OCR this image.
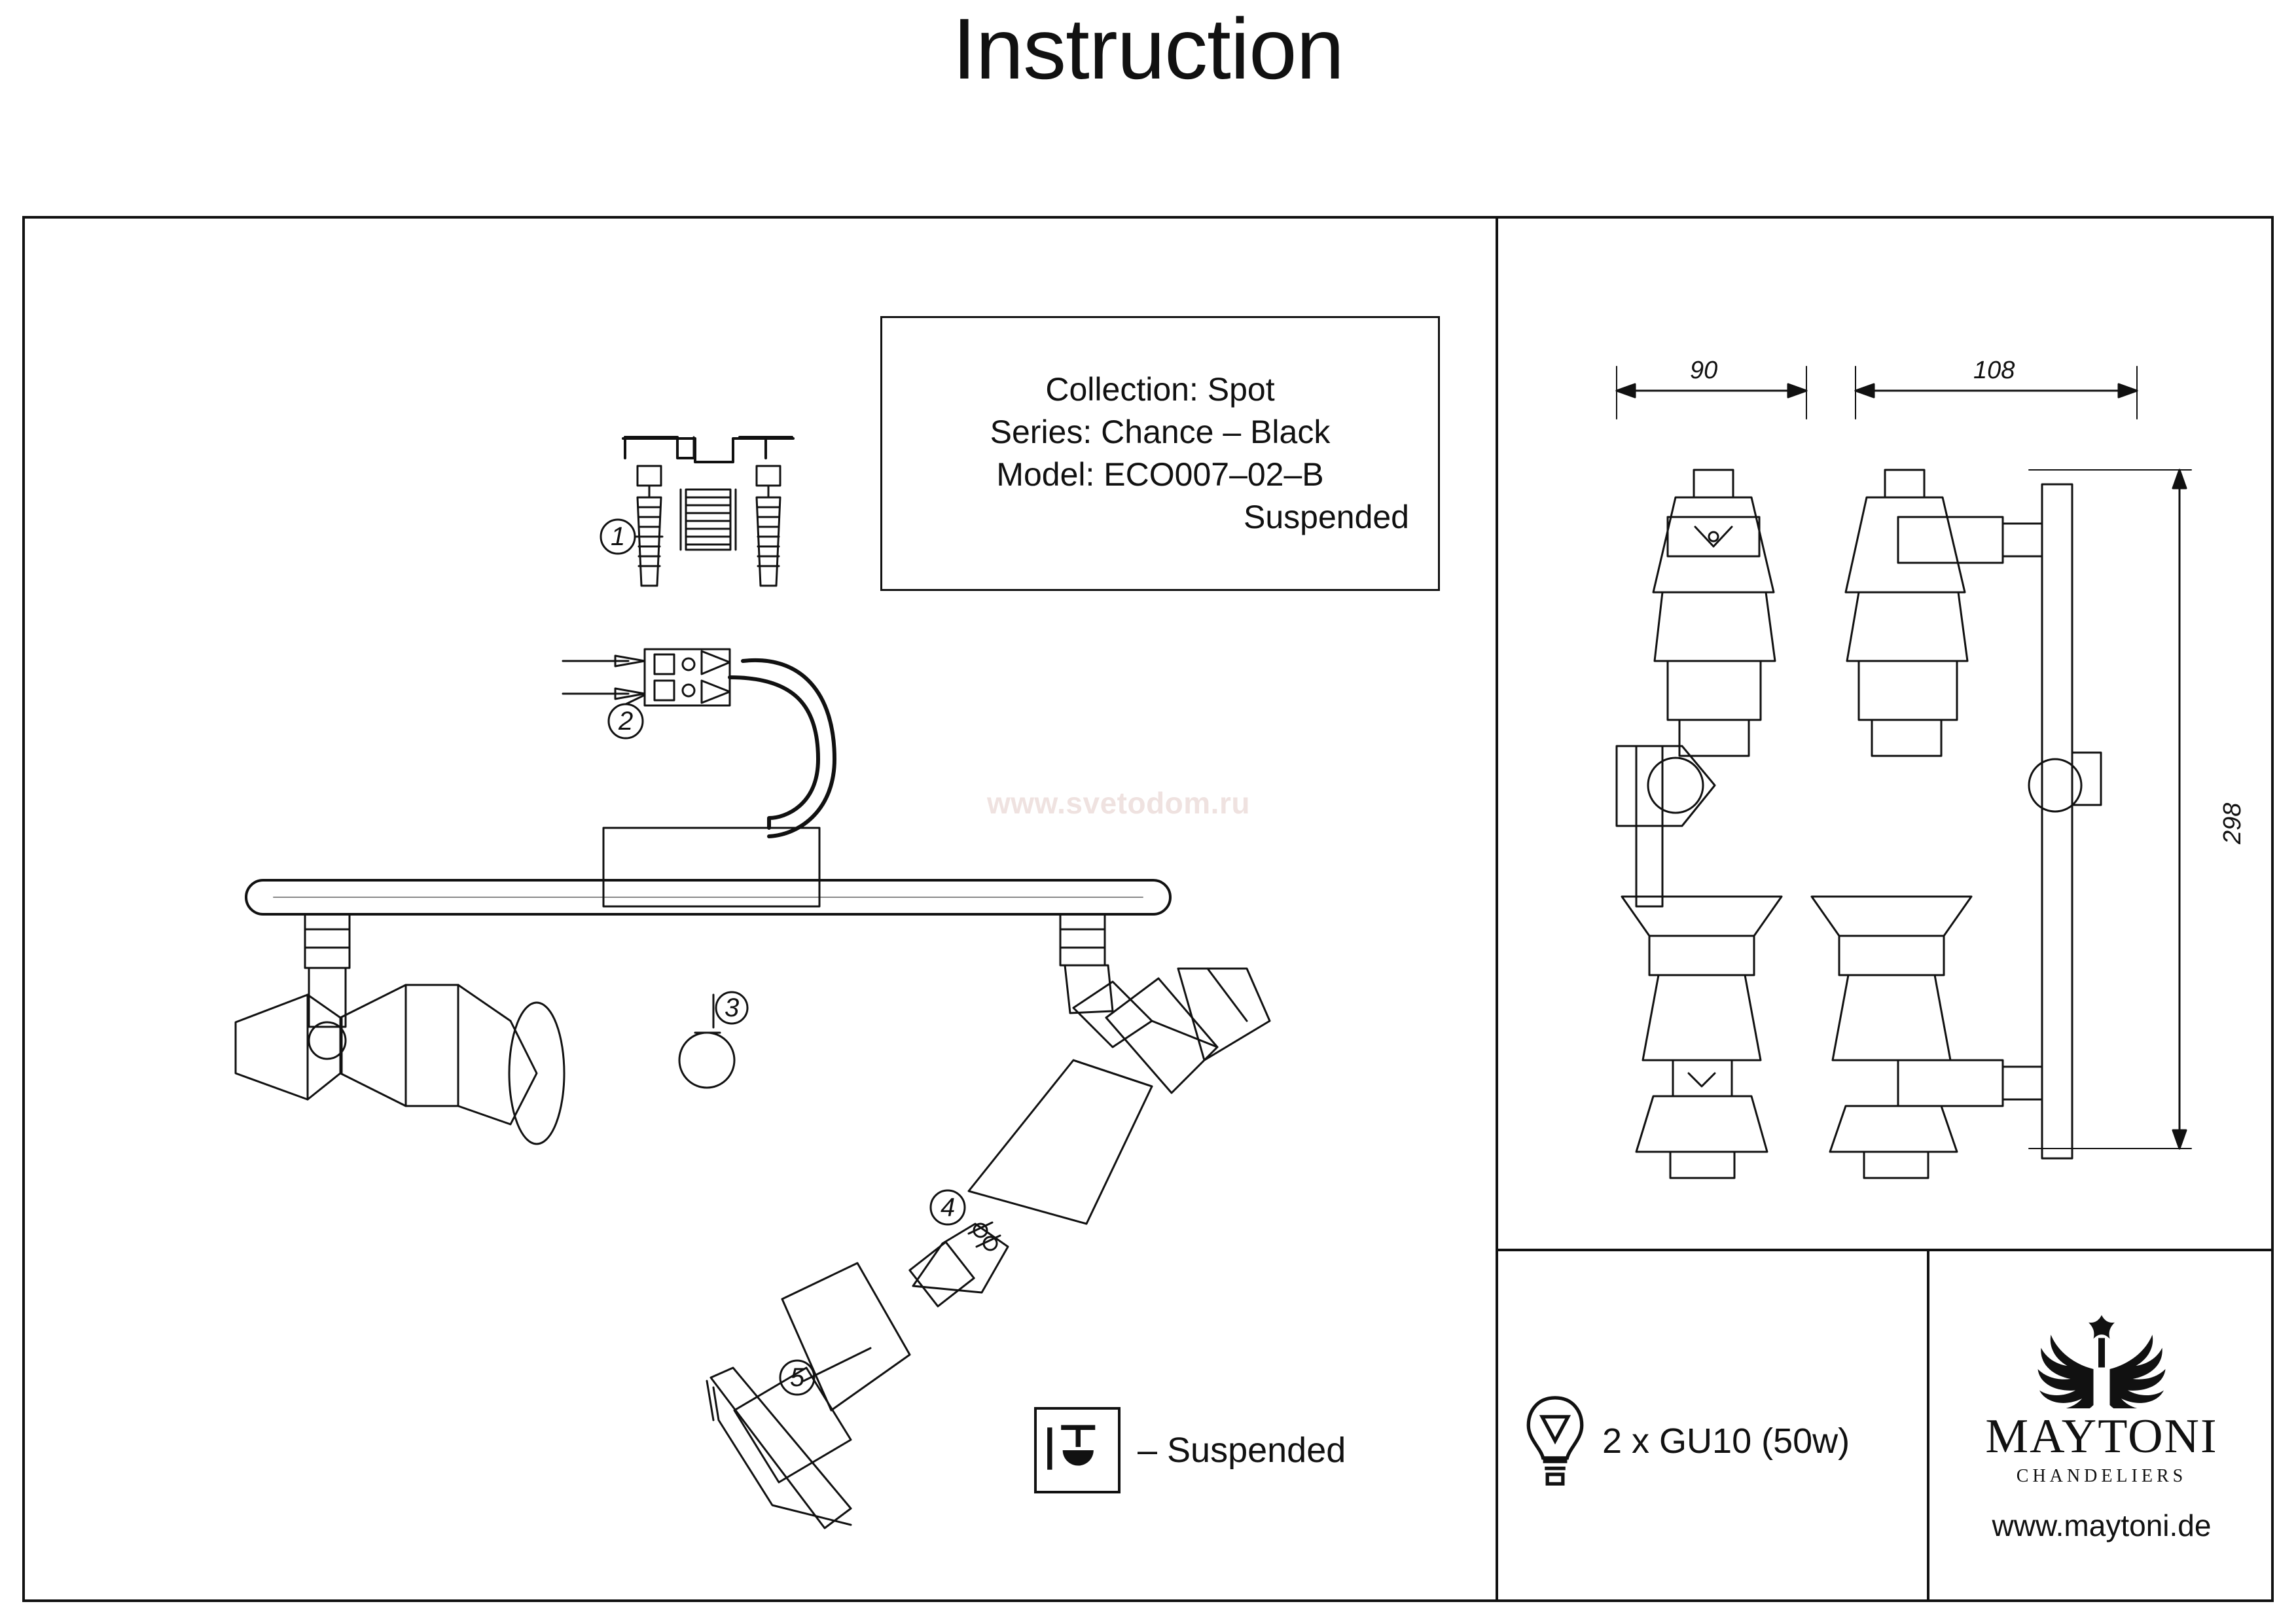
Instruction
Collection: Spot
Series: Chance – Black
Model: ECO007–02–B
Suspended
www.svetodom.ru
1
2
3
4
5
90	108
298
– Suspended	2 x GU10 (50w)	MAYTONI
CHANDELIERS
www.maytoni.de
